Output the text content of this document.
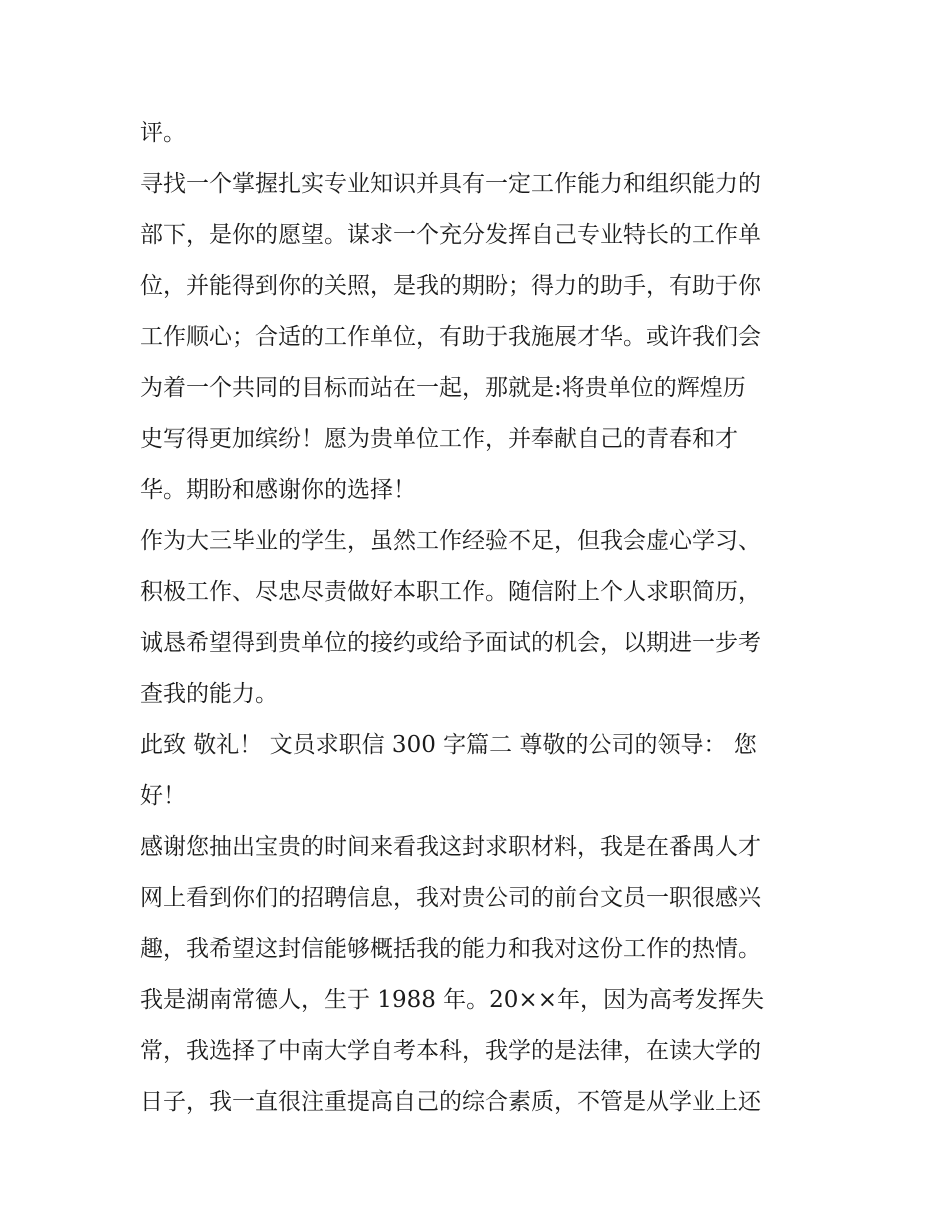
评。
寻找一个掌握扎实专业知识并具有一定工作能力和组织能力的
部下，是你的愿望。谋求一个充分发挥自己专业特长的工作单
位，并能得到你的关照，是我的期盼；得力的助手，有助于你
工作顺心；合适的工作单位，有助于我施展才华。或许我们会
为着一个共同的目标而站在一起，那就是:将贵单位的辉煌历
史写得更加缤纷！愿为贵单位工作，并奉献自己的青春和才
华。期盼和感谢你的选择！
作为大三毕业的学生，虽然工作经验不足，但我会虚心学习、
积极工作、尽忠尽责做好本职工作。随信附上个人求职简历，
诚恳希望得到贵单位的接约或给予面试的机会，以期进一步考
查我的能力。
此致 敬礼！ 文员求职信 300 字篇二 尊敬的公司的领导： 您
好！
感谢您抽出宝贵的时间来看我这封求职材料，我是在番禺人才
网上看到你们的招聘信息，我对贵公司的前台文员一职很感兴
趣，我希望这封信能够概括我的能力和我对这份工作的热情。
我是湖南常德人，生于 1988 年。20××年，因为高考发挥失
常，我选择了中南大学自考本科，我学的是法律，在读大学的
日子，我一直很注重提高自己的综合素质，不管是从学业上还
